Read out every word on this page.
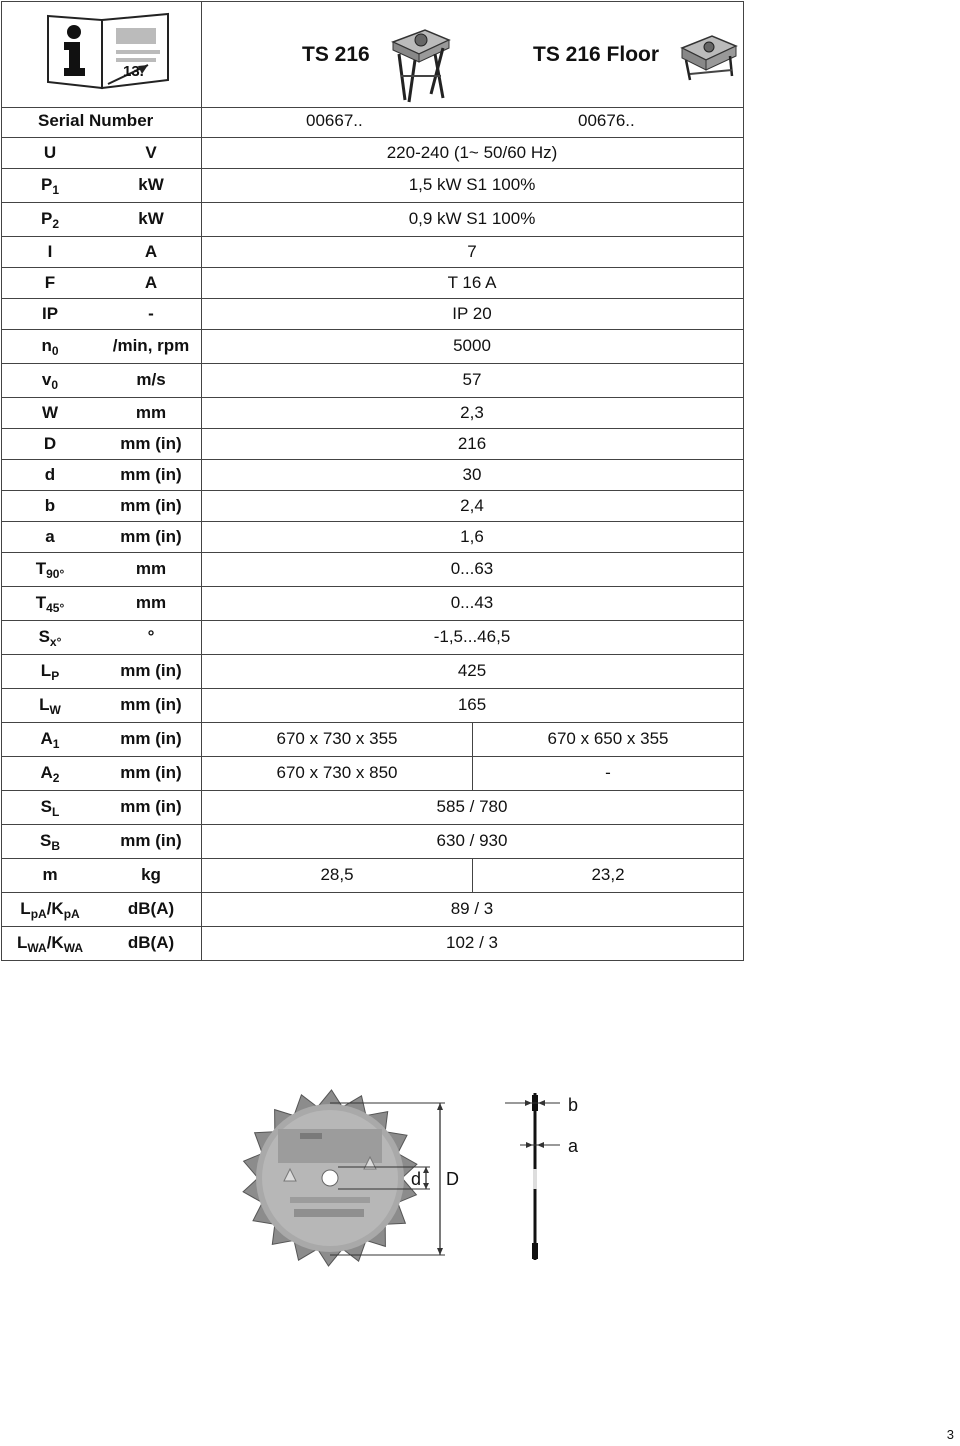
13.
TS 216	TS 216 Floor
Serial Number	00667..	00676..
U	V	220-240 (1~ 50/60 Hz)
$P_1$	kW	1,5 kW S1 100%
$P_2$	kW	0,9 kW S1 100%
I	A	7
F	A	T 16 A
IP	-	IP 20
$n_0$	/min, rpm	5000
$v_0$	m/s	57
W	mm	2,3
D	mm (in)	216
d	mm (in)	30
b	mm (in)	2,4
a	mm (in)	1,6
$T_{90^\circ}$	mm	0...63
$T_{45^\circ}$	mm	0...43
$S_{x^\circ}$	°	-1,5...46,5
$L_P$	mm (in)	425
$L_W$	mm (in)	165
$A_1$	mm (in)	670 x 730 x 355	670 x 650 x 355
$A_2$	mm (in)	670 x 730 x 850	-
$S_L$	mm (in)	585 / 780
$S_B$	mm (in)	630 / 930
m	kg	28,5	23,2
$L_{pA}/K_{pA}$	dB(A)	89 / 3
$L_{WA}/K_{WA}$	dB(A)	102 / 3
b
a
d D
3
